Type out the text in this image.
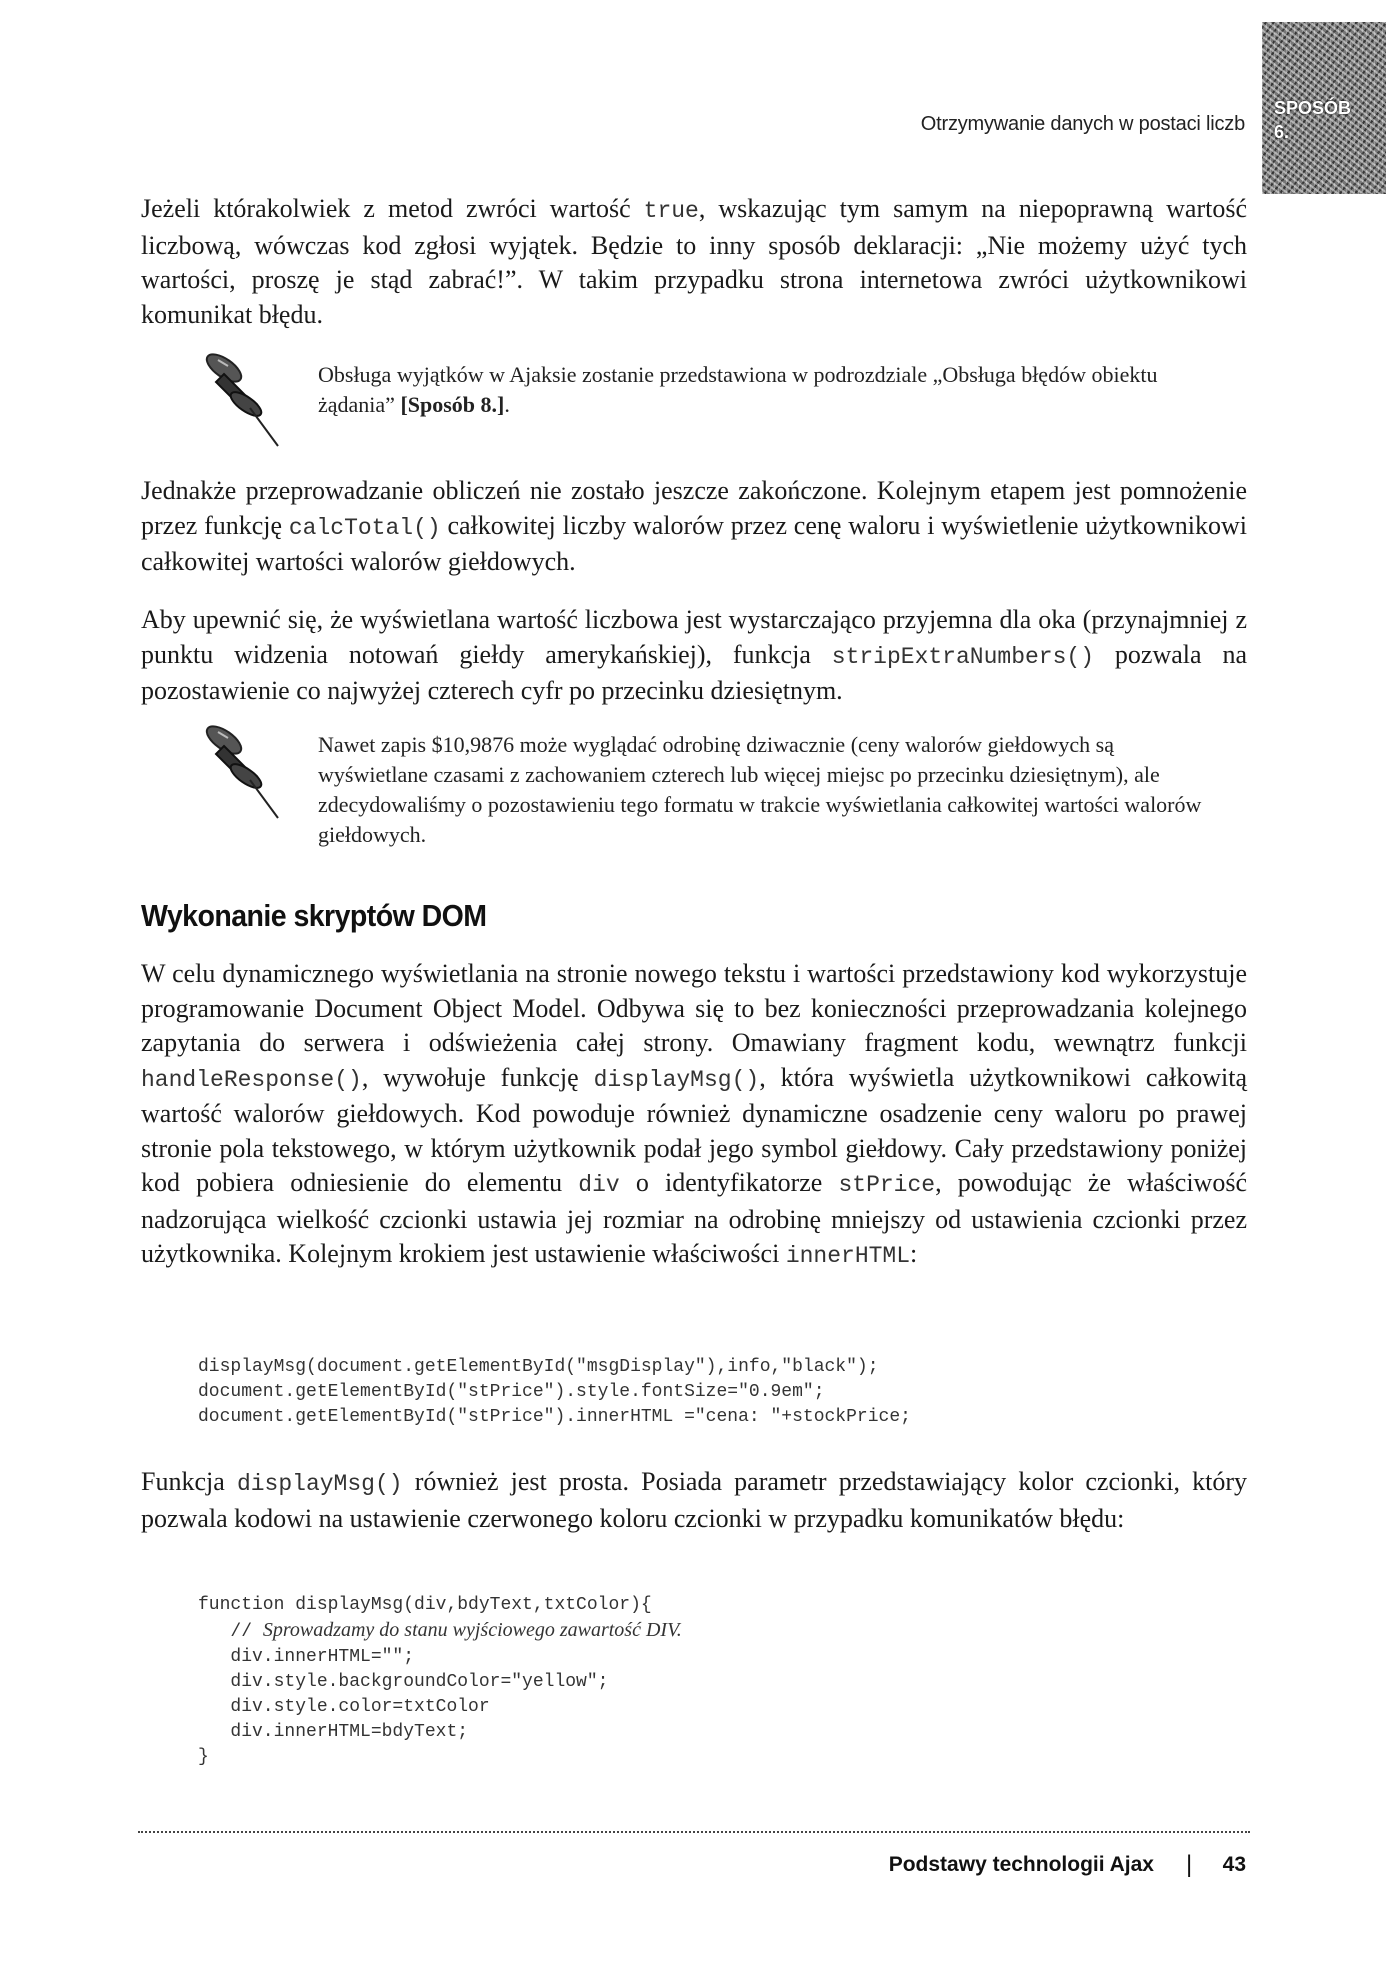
Otrzymywanie danych w postaci liczb
SPOSÓB
6.

Jeżeli którakolwiek z metod zwróci wartość true, wskazując tym samym na niepoprawną wartość liczbową, wówczas kod zgłosi wyjątek. Będzie to inny sposób deklaracji: „Nie możemy użyć tych wartości, proszę je stąd zabrać!”. W takim przypadku strona internetowa zwróci użytkownikowi komunikat błędu.

Obsługa wyjątków w Ajaksie zostanie przedstawiona w podrozdziale „Obsługa błędów obiektu żądania” [Sposób 8.].

Jednakże przeprowadzanie obliczeń nie zostało jeszcze zakończone. Kolejnym etapem jest pomnożenie przez funkcję calcTotal() całkowitej liczby walorów przez cenę waloru i wyświetlenie użytkownikowi całkowitej wartości walorów giełdowych.

Aby upewnić się, że wyświetlana wartość liczbowa jest wystarczająco przyjemna dla oka (przynajmniej z punktu widzenia notowań giełdy amerykańskiej), funkcja stripExtraNumbers() pozwala na pozostawienie co najwyżej czterech cyfr po przecinku dziesiętnym.

Nawet zapis $10,9876 może wyglądać odrobinę dziwacznie (ceny walorów giełdowych są wyświetlane czasami z zachowaniem czterech lub więcej miejsc po przecinku dziesiętnym), ale zdecydowaliśmy o pozostawieniu tego formatu w trakcie wyświetlania całkowitej wartości walorów giełdowych.

Wykonanie skryptów DOM

W celu dynamicznego wyświetlania na stronie nowego tekstu i wartości przedstawiony kod wykorzystuje programowanie Document Object Model. Odbywa się to bez konieczności przeprowadzania kolejnego zapytania do serwera i odświeżenia całej strony. Omawiany fragment kodu, wewnątrz funkcji handleResponse(), wywołuje funkcję displayMsg(), która wyświetla użytkownikowi całkowitą wartość walorów giełdowych. Kod powoduje również dynamiczne osadzenie ceny waloru po prawej stronie pola tekstowego, w którym użytkownik podał jego symbol giełdowy. Cały przedstawiony poniżej kod pobiera odniesienie do elementu div o identyfikatorze stPrice, powodując że właściwość nadzorująca wielkość czcionki ustawia jej rozmiar na odrobinę mniejszy od ustawienia czcionki przez użytkownika. Kolejnym krokiem jest ustawienie właściwości innerHTML:

displayMsg(document.getElementById("msgDisplay"),info,"black");
document.getElementById("stPrice").style.fontSize="0.9em";
document.getElementById("stPrice").innerHTML ="cena: "+stockPrice;

Funkcja displayMsg() również jest prosta. Posiada parametr przedstawiający kolor czcionki, który pozwala kodowi na ustawienie czerwonego koloru czcionki w przypadku komunikatów błędu:

function displayMsg(div,bdyText,txtColor){
// Sprowadzamy do stanu wyjściowego zawartość DIV.
div.innerHTML="";
div.style.backgroundColor="yellow";
div.style.color=txtColor
div.innerHTML=bdyText;
}
Podstawy technologii Ajax | 43
